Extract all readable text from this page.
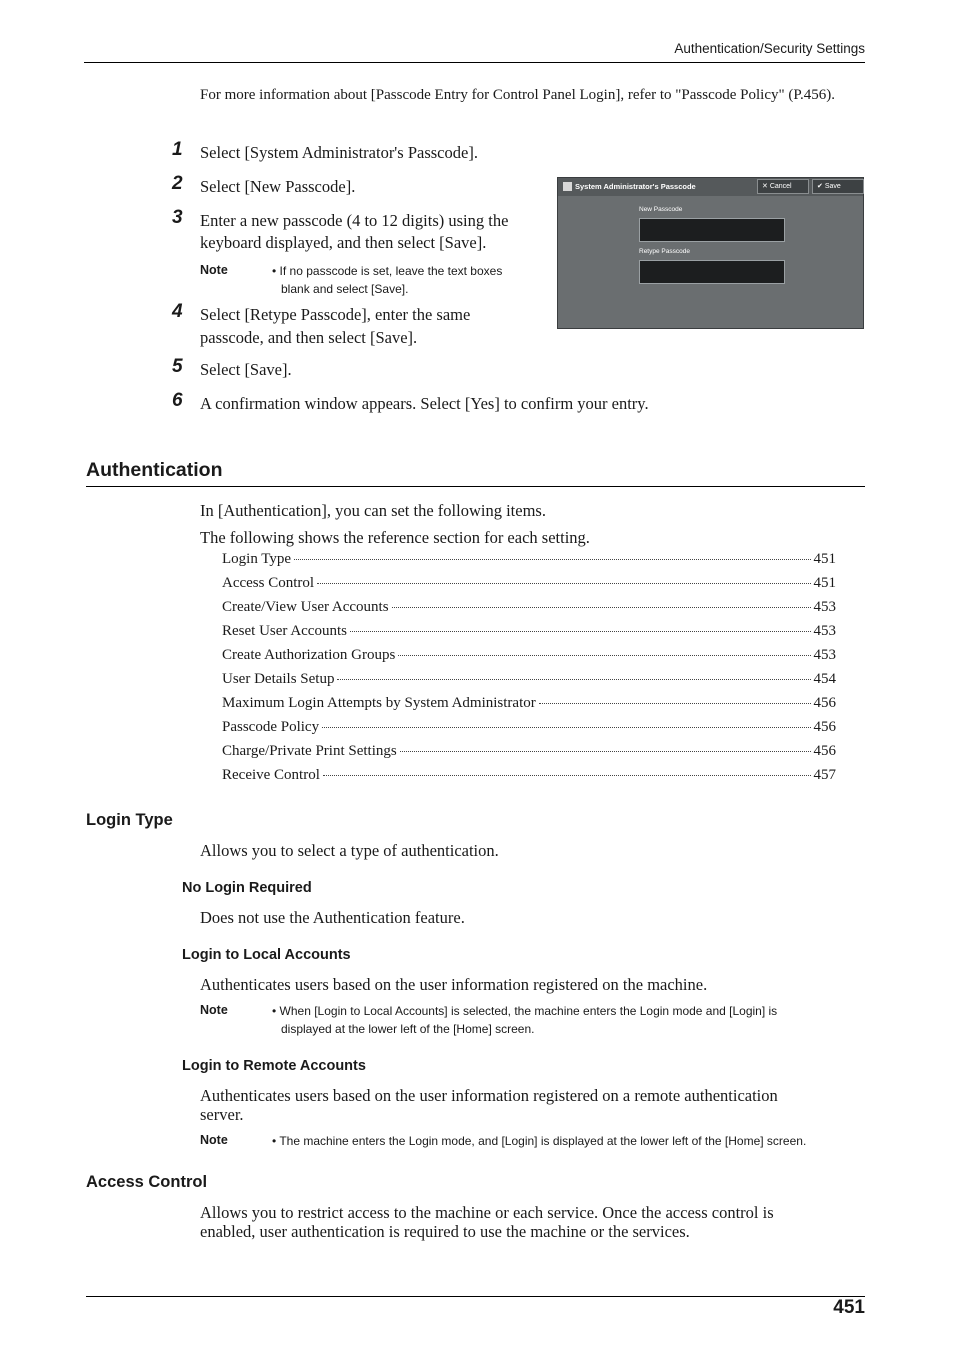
Authentication/Security Settings
For more information about [Passcode Entry for Control Panel Login], refer to "Passcode Policy" (P.456).
1 Select [System Administrator's Passcode].
2 Select [New Passcode].
3 Enter a new passcode (4 to 12 digits) using the
keyboard displayed, and then select [Save].
Note	• If no passcode is set, leave the text boxes
blank and select [Save].
4 Select [Retype Passcode], enter the same
passcode, and then select [Save].
5 Select [Save].
6 A confirmation window appears. Select [Yes] to confirm your entry.
System Administrator's Passcode	✕ Cancel	✔ Save
New Passcode
Retype Passcode
Authentication
In [Authentication], you can set the following items.
The following shows the reference section for each setting.
Login Type	451
Access Control	451
Create/View User Accounts	453
Reset User Accounts	453
Create Authorization Groups	453
User Details Setup	454
Maximum Login Attempts by System Administrator	456
Passcode Policy	456
Charge/Private Print Settings	456
Receive Control	457
Login Type
Allows you to select a type of authentication.
No Login Required
Does not use the Authentication feature.
Login to Local Accounts
Authenticates users based on the user information registered on the machine.
Note	• When [Login to Local Accounts] is selected, the machine enters the Login mode and [Login] is
displayed at the lower left of the [Home] screen.
Login to Remote Accounts
Authenticates users based on the user information registered on a remote authentication
server.
Note	• The machine enters the Login mode, and [Login] is displayed at the lower left of the [Home] screen.
Access Control
Allows you to restrict access to the machine or each service. Once the access control is
enabled, user authentication is required to use the machine or the services.
451
